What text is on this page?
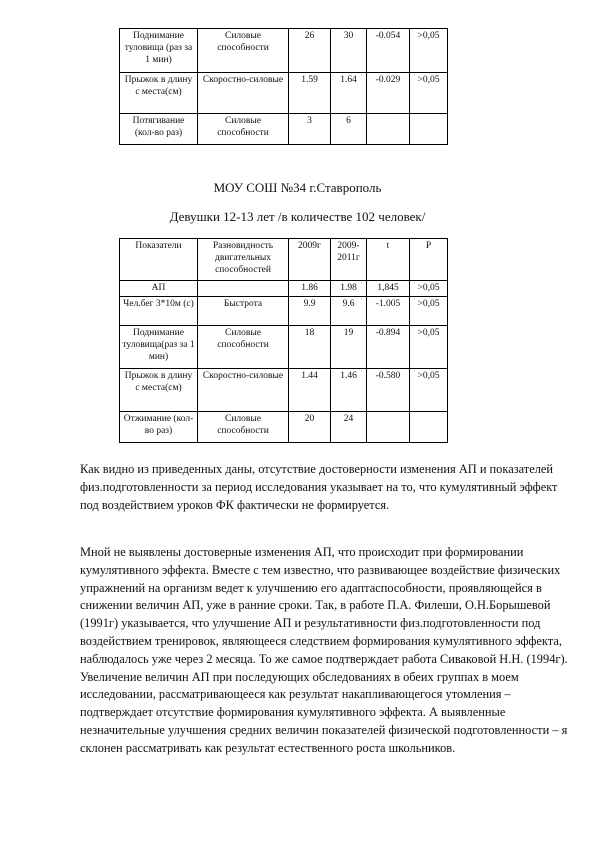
Поднимание туловища (раз за 1 мин)	Силовые способности	26	30	-0.054	>0,05
Прыжок в длину с места(см)	Скоростно-силовые	1.59	1.64	-0.029	>0,05
Потягивание (кол-во раз)	Силовые способности	3	6		
МОУ СОШ №34 г.Ставрополь
Девушки 12-13 лет /в количестве 102 человек/
Показатели	Разновидность двигательных способностей	2009г	2009-2011г	t	P
АП		1.86	1.98	1,845	>0,05
Чел.бег 3*10м (с)	Быстрота	9.9	9.6	-1.005	>0,05
Поднимание туловища(раз за 1 мин)	Силовые способности	18	19	-0.894	>0,05
Прыжок в длину с места(см)	Скоростно-силовые	1.44	1.46	-0.580	>0,05
Отжимание (кол-во раз)	Силовые способности	20	24		

Как видно из приведенных даны, отсутствие достоверности изменения АП и показателей физ.подготовленности за период исследования указывает на то, что кумулятивный эффект под воздействием уроков ФК фактически не формируется.

Мной не выявлены достоверные изменения АП, что происходит при формировании кумулятивного эффекта. Вместе с тем известно, что развивающее воздействие физических упражнений на организм ведет к улучшению его адаптаспособности, проявляющейся в снижении величин АП, уже в ранние сроки. Так, в работе П.А. Филеши, О.Н.Борышевой (1991г) указывается, что улучшение АП и результативности физ.подготовленности под воздействием тренировок, являющееся следствием формирования кумулятивного эффекта, наблюдалось уже через 2 месяца. То же самое подтверждает работа Сиваковой Н.Н. (1994г). Увеличение величин АП при последующих обследованиях в обеих группах в моем исследовании, рассматривающееся как результат накапливающегося утомления – подтверждает отсутствие формирования кумулятивного эффекта. А выявленные незначительные улучшения средних величин показателей физической подготовленности – я склонен рассматривать как результат естественного роста школьников.
